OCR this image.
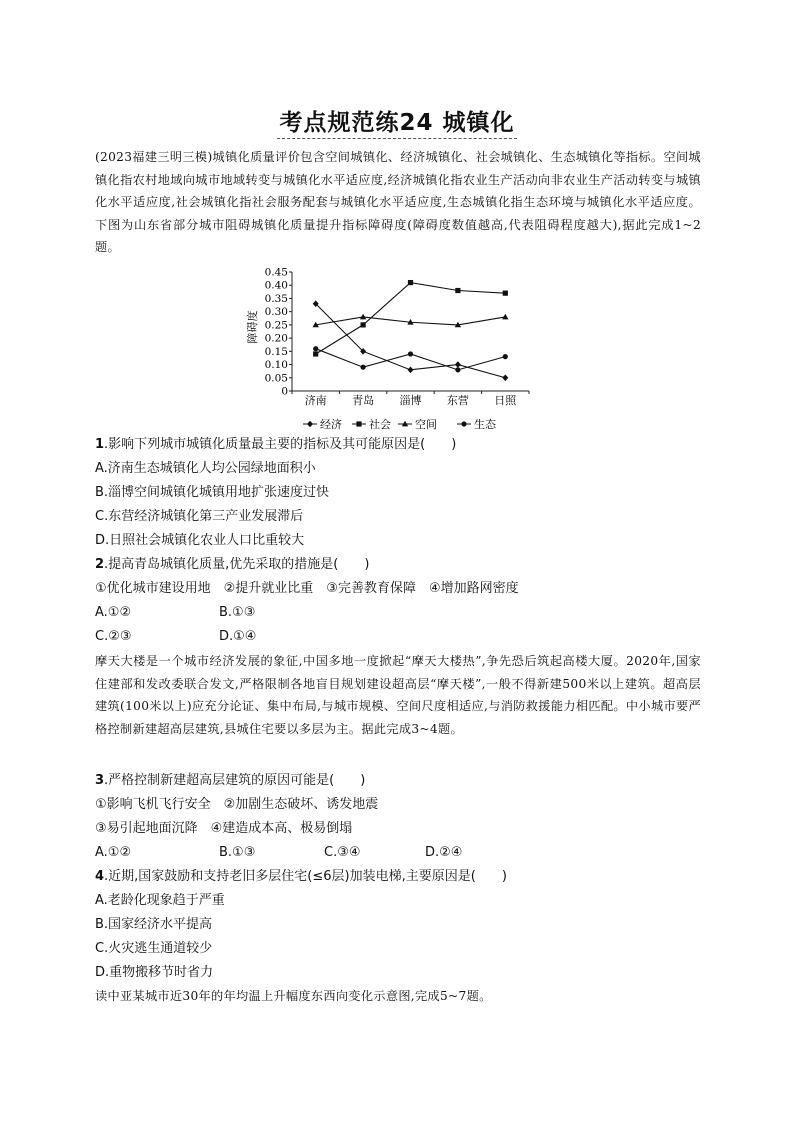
考点规范练24 城镇化
(2023福建三明三模)城镇化质量评价包含空间城镇化、经济城镇化、社会城镇化、生态城镇化等指标。空间城镇化指农村地域向城市地域转变与城镇化水平适应度,经济城镇化指农业生产活动向非农业生产活动转变与城镇化水平适应度,社会城镇化指社会服务配套与城镇化水平适应度,生态城镇化指生态环境与城镇化水平适应度。下图为山东省部分城市阻碍城镇化质量提升指标障碍度(障碍度数值越高,代表阻碍程度越大),据此完成1~2题。
障碍度
0
0.05
0.10
0.15
0.20
0.25
0.30
0.35
0.40
0.45
济南 青岛 淄博 东营 日照
经济 社会 空间	生态
1.影响下列城市城镇化质量最主要的指标及其可能原因是(　　)
A.济南生态城镇化人均公园绿地面积小
B.淄博空间城镇化城镇用地扩张速度过快
C.东营经济城镇化第三产业发展滞后
D.日照社会城镇化农业人口比重较大
2.提高青岛城镇化质量,优先采取的措施是(　　)
①优化城市建设用地　②提升就业比重　③完善教育保障　④增加路网密度
A.①②	B.①③
C.②③	D.①④
摩天大楼是一个城市经济发展的象征,中国多地一度掀起“摩天大楼热”,争先恐后筑起高楼大厦。2020年,国家住建部和发改委联合发文,严格限制各地盲目规划建设超高层“摩天楼”,一般不得新建500米以上建筑。超高层建筑(100米以上)应充分论证、集中布局,与城市规模、空间尺度相适应,与消防救援能力相匹配。中小城市要严格控制新建超高层建筑,县城住宅要以多层为主。据此完成3~4题。
3.严格控制新建超高层建筑的原因可能是(　　)
①影响飞机飞行安全　②加剧生态破坏、诱发地震
③易引起地面沉降　④建造成本高、极易倒塌
A.①②	B.①③	C.③④	D.②④
4.近期,国家鼓励和支持老旧多层住宅(≤6层)加装电梯,主要原因是(　　)
A.老龄化现象趋于严重
B.国家经济水平提高
C.火灾逃生通道较少
D.重物搬移节时省力
读中亚某城市近30年的年均温上升幅度东西向变化示意图,完成5~7题。
